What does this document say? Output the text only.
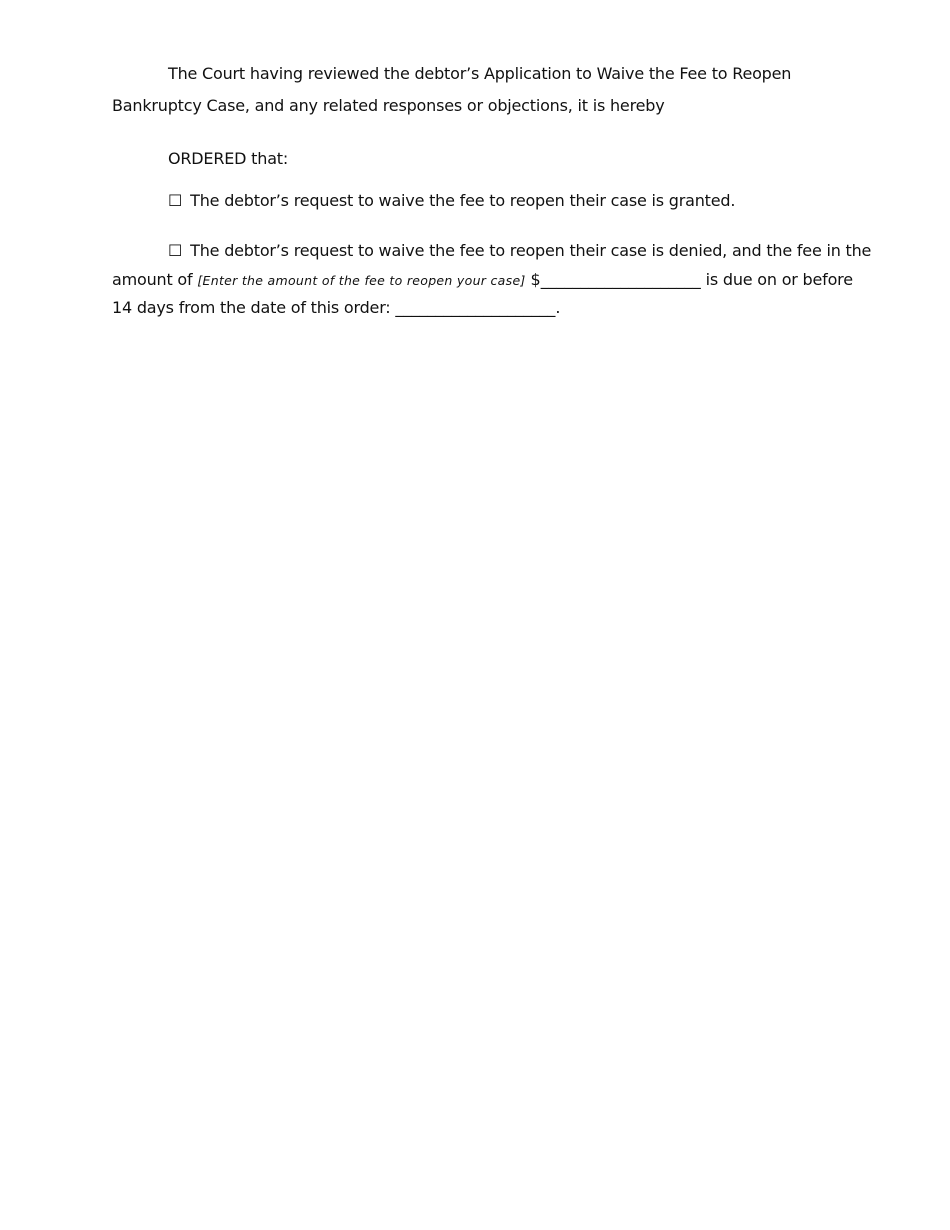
The Court having reviewed the debtor’s Application to Waive the Fee to Reopen
Bankruptcy Case, and any related responses or objections, it is hereby
ORDERED that:
☐ The debtor’s request to waive the fee to reopen their case is granted.
☐ The debtor’s request to waive the fee to reopen their case is denied, and the fee in the
amount of [Enter the amount of the fee to reopen your case] $____________________ is due on or before
14 days from the date of this order: ____________________.
